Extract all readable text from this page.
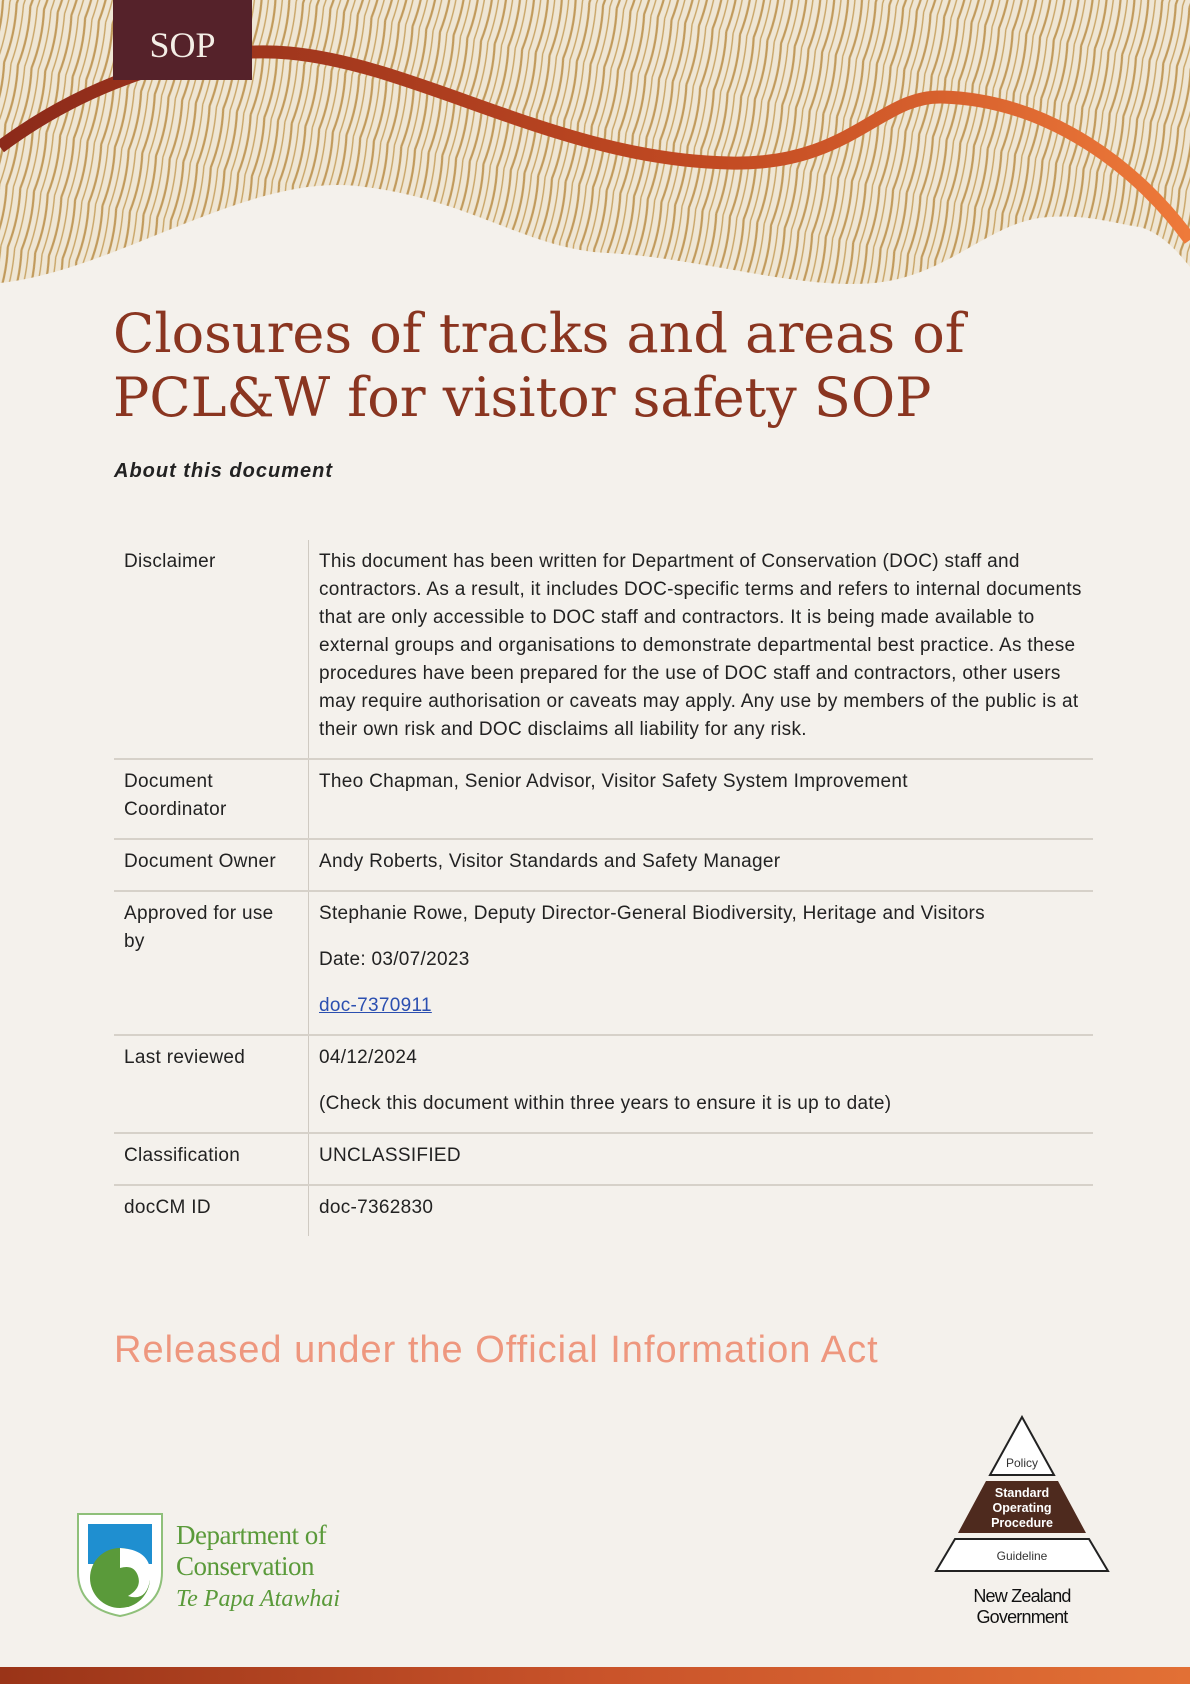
SOP
Closures of tracks and areas of PCL&W for visitor safety SOP
About this document
Disclaimer	This document has been written for Department of Conservation (DOC) staff and contractors. As a result, it includes DOC-specific terms and refers to internal documents that are only accessible to DOC staff and contractors. It is being made available to external groups and organisations to demonstrate departmental best practice. As these procedures have been prepared for the use of DOC staff and contractors, other users may require authorisation or caveats may apply. Any use by members of the public is at their own risk and DOC disclaims all liability for any risk.
Document Coordinator	Theo Chapman, Senior Advisor, Visitor Safety System Improvement
Document Owner	Andy Roberts, Visitor Standards and Safety Manager
Approved for use by	Stephanie Rowe, Deputy Director-General Biodiversity, Heritage and Visitors

Date: 03/07/2023

doc-7370911

Last reviewed	04/12/2024

(Check this document within three years to ensure it is up to date)

Classification	UNCLASSIFIED
docCM ID	doc-7362830
Released under the Official Information Act
Department of
Conservation
Te Papa Atawhai
Policy
Standard
Operating
Procedure
Guideline
New Zealand Government
